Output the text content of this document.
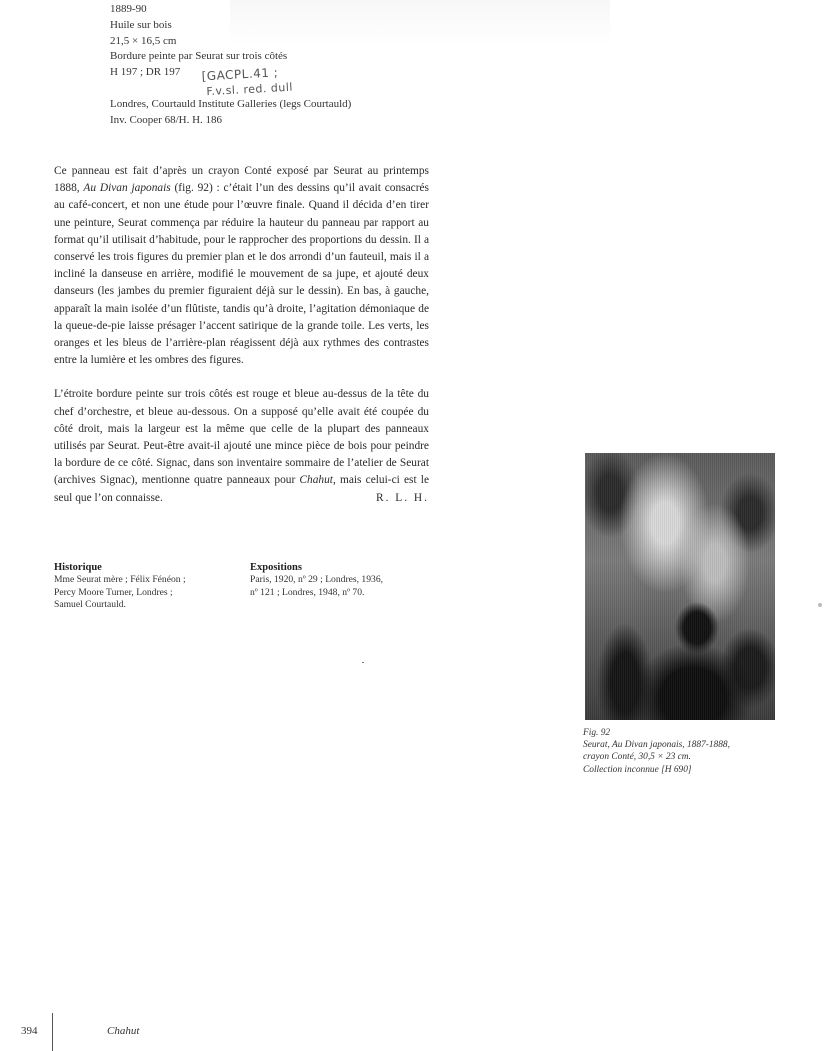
1889-90
Huile sur bois
21,5 × 16,5 cm
Bordure peinte par Seurat sur trois côtés
H 197 ; DR 197
Londres, Courtauld Institute Galleries (legs Courtauld)
Inv. Cooper 68/H. H. 186
[GACPL.41 ;
F.v.sl. red. dull

Ce panneau est fait d’après un crayon Conté exposé par Seurat au printemps 1888, Au Divan japonais (fig. 92) : c’était l’un des dessins qu’il avait consacrés au café-concert, et non une étude pour l’œuvre finale. Quand il décida d’en tirer une peinture, Seurat commença par réduire la hauteur du panneau par rapport au format qu’il utilisait d’habitude, pour le rapprocher des proportions du dessin. Il a conservé les trois figures du premier plan et le dos arrondi d’un fauteuil, mais il a incliné la danseuse en arrière, modifié le mouvement de sa jupe, et ajouté deux danseurs (les jambes du premier figuraient déjà sur le dessin). En bas, à gauche, apparaît la main isolée d’un flûtiste, tandis qu’à droite, l’agitation démoniaque de la queue-de-pie laisse présager l’accent satirique de la grande toile. Les verts, les oranges et les bleus de l’arrière-plan réagissent déjà aux rythmes des contrastes entre la lumière et les ombres des figures.

L’étroite bordure peinte sur trois côtés est rouge et bleue au-dessus de la tête du chef d’orchestre, et bleue au-dessous. On a supposé qu’elle avait été coupée du côté droit, mais la largeur est la même que celle de la plupart des panneaux utilisés par Seurat. Peut-être avait-il ajouté une mince pièce de bois pour peindre la bordure de ce côté. Signac, dans son inventaire sommaire de l’atelier de Seurat (archives Signac), mentionne quatre panneaux pour Chahut, mais celui-ci est le seul que l’on connaisse.	R. L. H.
Historique
Mme Seurat mère ; Félix Fénéon ;
Percy Moore Turner, Londres ;
Samuel Courtauld.
Expositions
Paris, 1920, nº 29 ; Londres, 1936,
nº 121 ; Londres, 1948, nº 70.
Fig. 92
Seurat, Au Divan japonais, 1887-1888,
crayon Conté, 30,5 × 23 cm.
Collection inconnue [H 690]
394	Chahut
